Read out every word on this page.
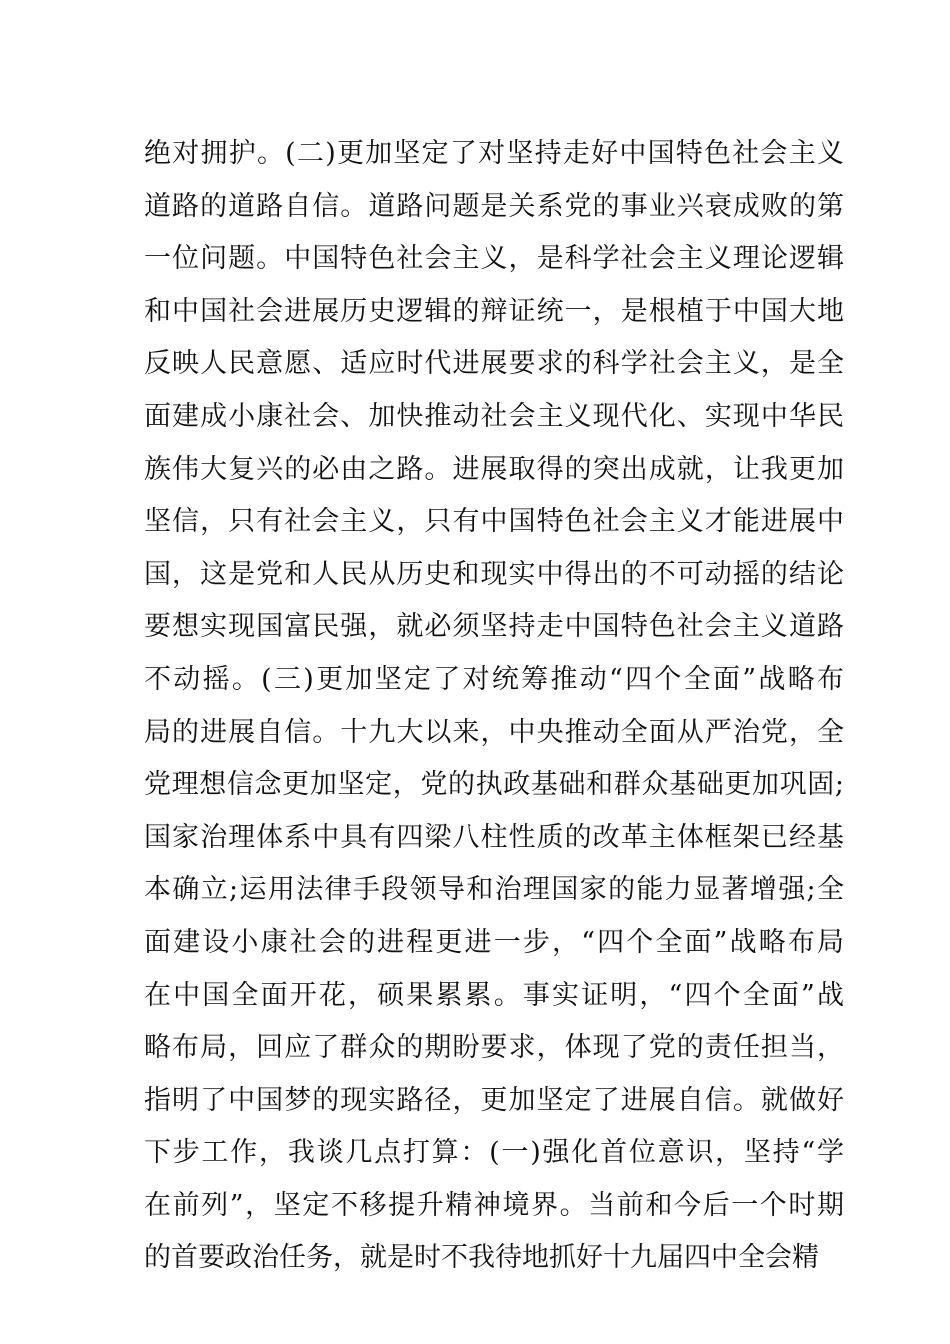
绝对拥护。(二)更加坚定了对坚持走好中国特色社会主义
道路的道路自信。道路问题是关系党的事业兴衰成败的第
一位问题。中国特色社会主义，是科学社会主义理论逻辑
和中国社会进展历史逻辑的辩证统一，是根植于中国大地
反映人民意愿、适应时代进展要求的科学社会主义，是全
面建成小康社会、加快推动社会主义现代化、实现中华民
族伟大复兴的必由之路。进展取得的突出成就，让我更加
坚信，只有社会主义，只有中国特色社会主义才能进展中
国，这是党和人民从历史和现实中得出的不可动摇的结论
要想实现国富民强，就必须坚持走中国特色社会主义道路
不动摇。(三)更加坚定了对统筹推动“四个全面”战略布
局的进展自信。十九大以来，中央推动全面从严治党，全
党理想信念更加坚定，党的执政基础和群众基础更加巩固;
国家治理体系中具有四梁八柱性质的改革主体框架已经基
本确立;运用法律手段领导和治理国家的能力显著增强;全
面建设小康社会的进程更进一步，“四个全面”战略布局
在中国全面开花，硕果累累。事实证明，“四个全面”战
略布局，回应了群众的期盼要求，体现了党的责任担当，
指明了中国梦的现实路径，更加坚定了进展自信。就做好
下步工作，我谈几点打算：(一)强化首位意识，坚持“学
在前列”，坚定不移提升精神境界。当前和今后一个时期
的首要政治任务，就是时不我待地抓好十九届四中全会精
